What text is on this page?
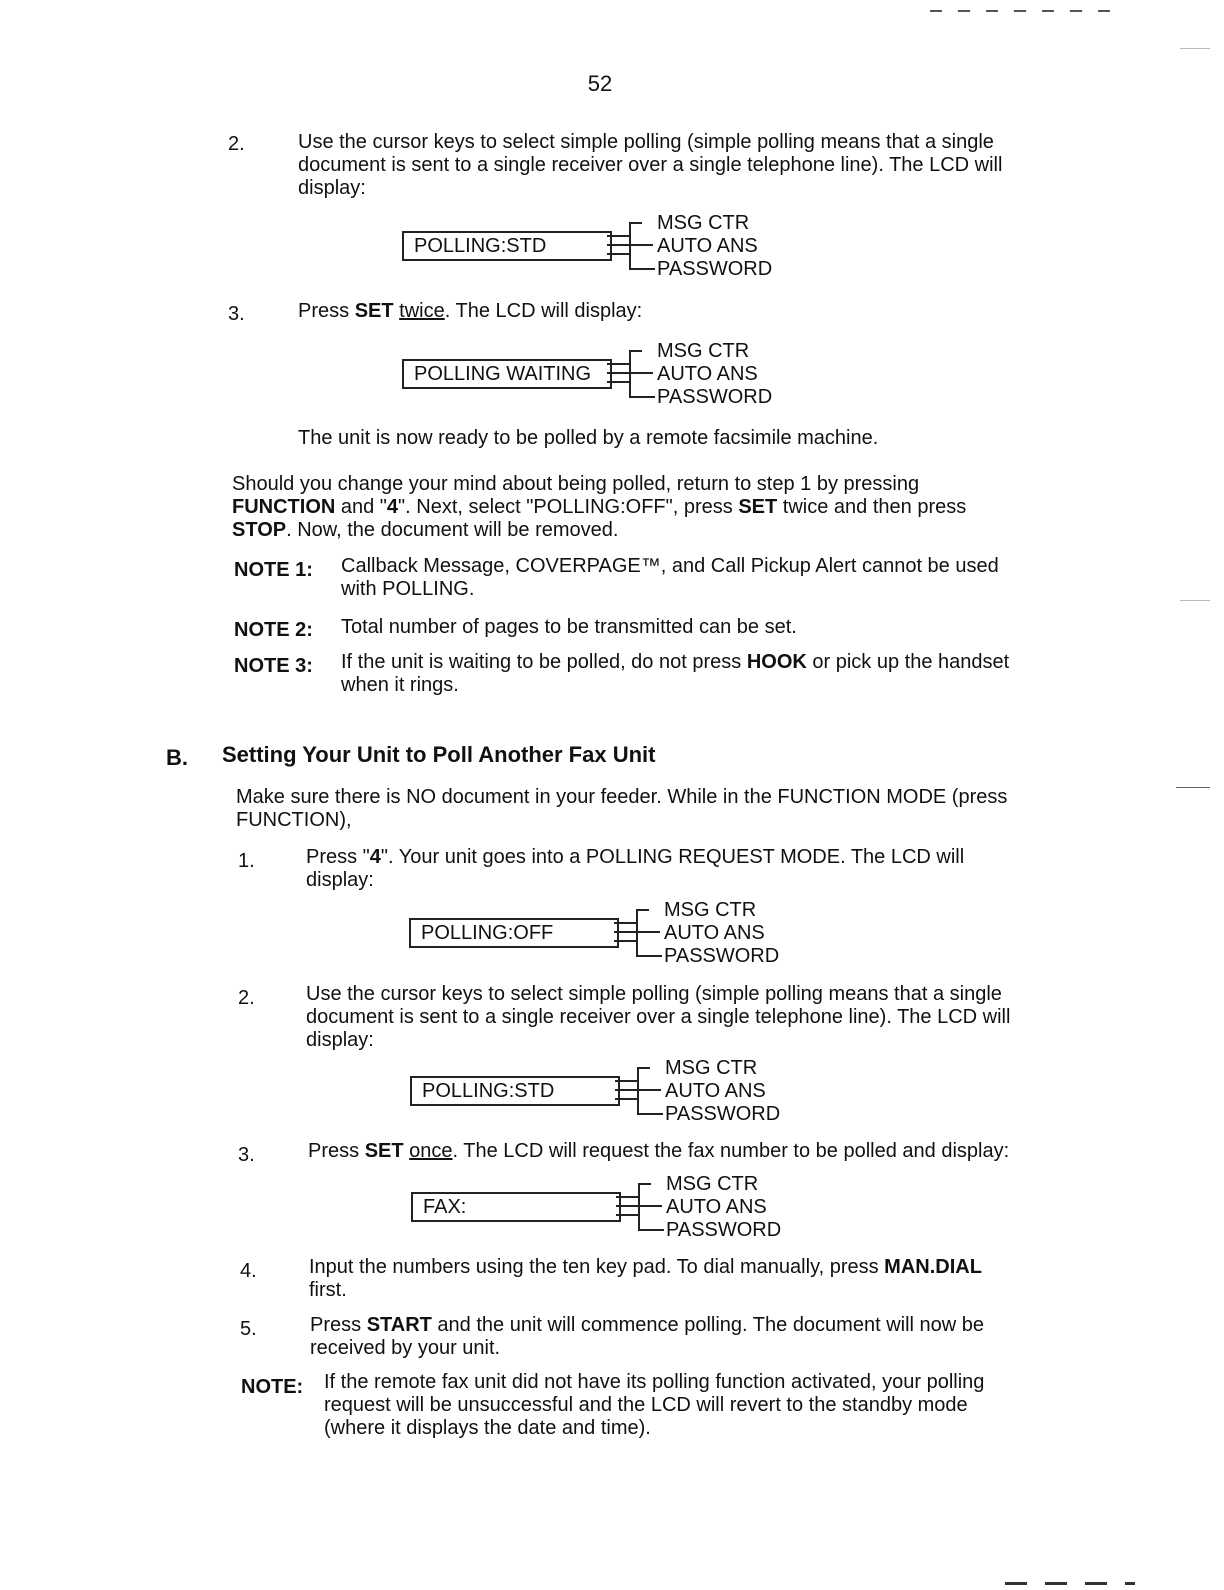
52
2.	Use the cursor keys to select simple polling (simple polling means that a single document is sent to a single receiver over a single telephone line). The LCD will display:

POLLING:STD
MSG CTR
AUTO ANS
PASSWORD
3.	Press SET twice. The LCD will display:

POLLING WAITING
MSG CTR
AUTO ANS
PASSWORD

The unit is now ready to be polled by a remote facsimile machine.

Should you change your mind about being polled, return to step 1 by pressing FUNCTION and "4". Next, select "POLLING:OFF", press SET twice and then press STOP. Now, the document will be removed.

NOTE 1: Callback Message, COVERPAGE™, and Call Pickup Alert cannot be used with POLLING.

NOTE 2: Total number of pages to be transmitted can be set.

NOTE 3: If the unit is waiting to be polled, do not press HOOK or pick up the handset when it rings.

B. Setting Your Unit to Poll Another Fax Unit

Make sure there is NO document in your feeder. While in the FUNCTION MODE (press FUNCTION),

1.	Press "4". Your unit goes into a POLLING REQUEST MODE. The LCD will display:

POLLING:OFF
MSG CTR
AUTO ANS
PASSWORD
2.	Use the cursor keys to select simple polling (simple polling means that a single document is sent to a single receiver over a single telephone line). The LCD will display:

POLLING:STD
MSG CTR
AUTO ANS
PASSWORD
3.	Press SET once. The LCD will request the fax number to be polled and display:

FAX:
MSG CTR
AUTO ANS
PASSWORD
4.	Input the numbers using the ten key pad. To dial manually, press MAN.DIAL first.

5.	Press START and the unit will commence polling. The document will now be received by your unit.

NOTE: If the remote fax unit did not have its polling function activated, your polling request will be unsuccessful and the LCD will revert to the standby mode (where it displays the date and time).
